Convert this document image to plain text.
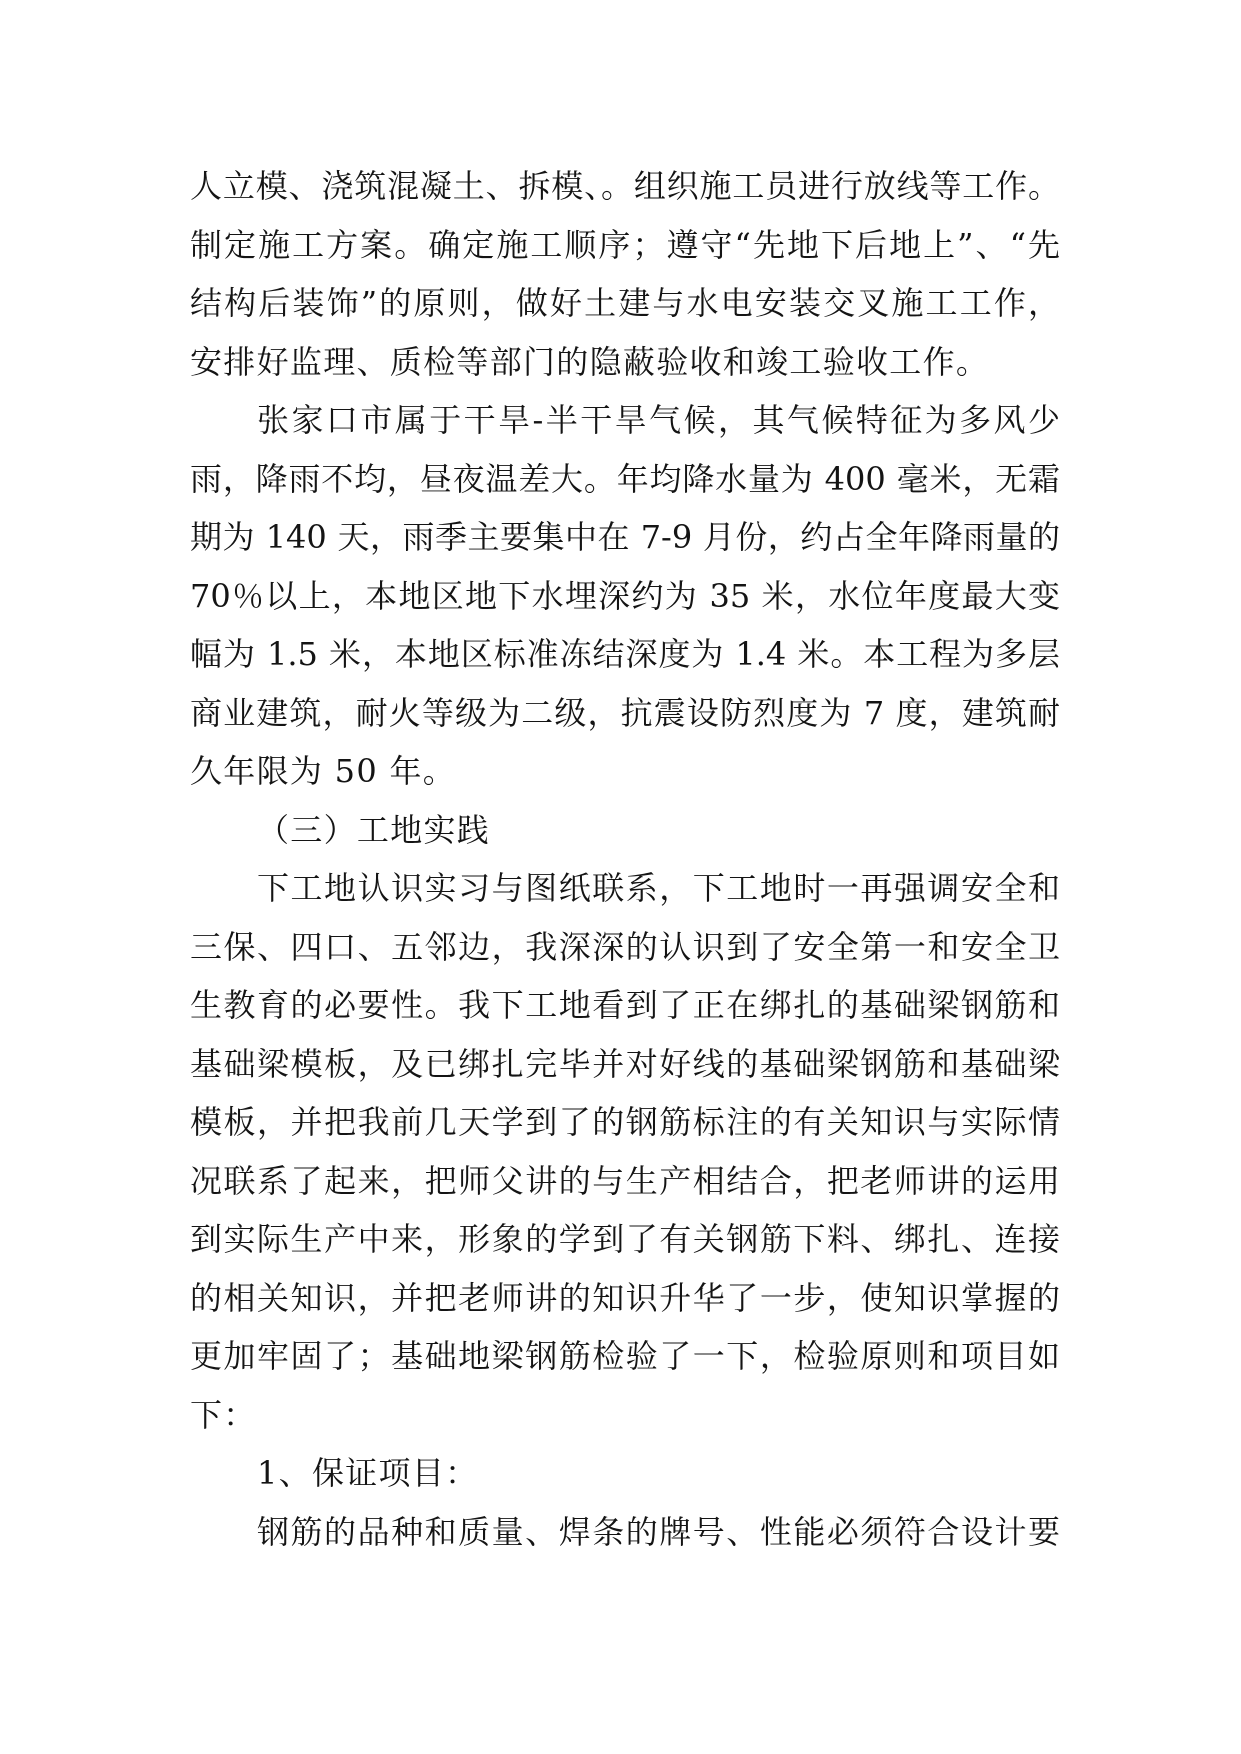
人立模、浇筑混凝土、拆模、。组织施工员进行放线等工作。
制定施工方案。确定施工顺序；遵守“先地下后地上”、“先
结构后装饰”的原则，做好土建与水电安装交叉施工工作，
安排好监理、质检等部门的隐蔽验收和竣工验收工作。
张家口市属于干旱-半干旱气候，其气候特征为多风少
雨，降雨不均，昼夜温差大。年均降水量为 400 毫米，无霜
期为 140 天，雨季主要集中在 7-9 月份，约占全年降雨量的
70％以上，本地区地下水埋深约为 35 米，水位年度最大变
幅为 1.5 米，本地区标准冻结深度为 1.4 米。本工程为多层
商业建筑，耐火等级为二级，抗震设防烈度为 7 度，建筑耐
久年限为 50 年。
（三）工地实践
下工地认识实习与图纸联系，下工地时一再强调安全和
三保、四口、五邻边，我深深的认识到了安全第一和安全卫
生教育的必要性。我下工地看到了正在绑扎的基础梁钢筋和
基础梁模板，及已绑扎完毕并对好线的基础梁钢筋和基础梁
模板，并把我前几天学到了的钢筋标注的有关知识与实际情
况联系了起来，把师父讲的与生产相结合，把老师讲的运用
到实际生产中来，形象的学到了有关钢筋下料、绑扎、连接
的相关知识，并把老师讲的知识升华了一步，使知识掌握的
更加牢固了；基础地梁钢筋检验了一下，检验原则和项目如
下：
1、保证项目：
钢筋的品种和质量、焊条的牌号、性能必须符合设计要
